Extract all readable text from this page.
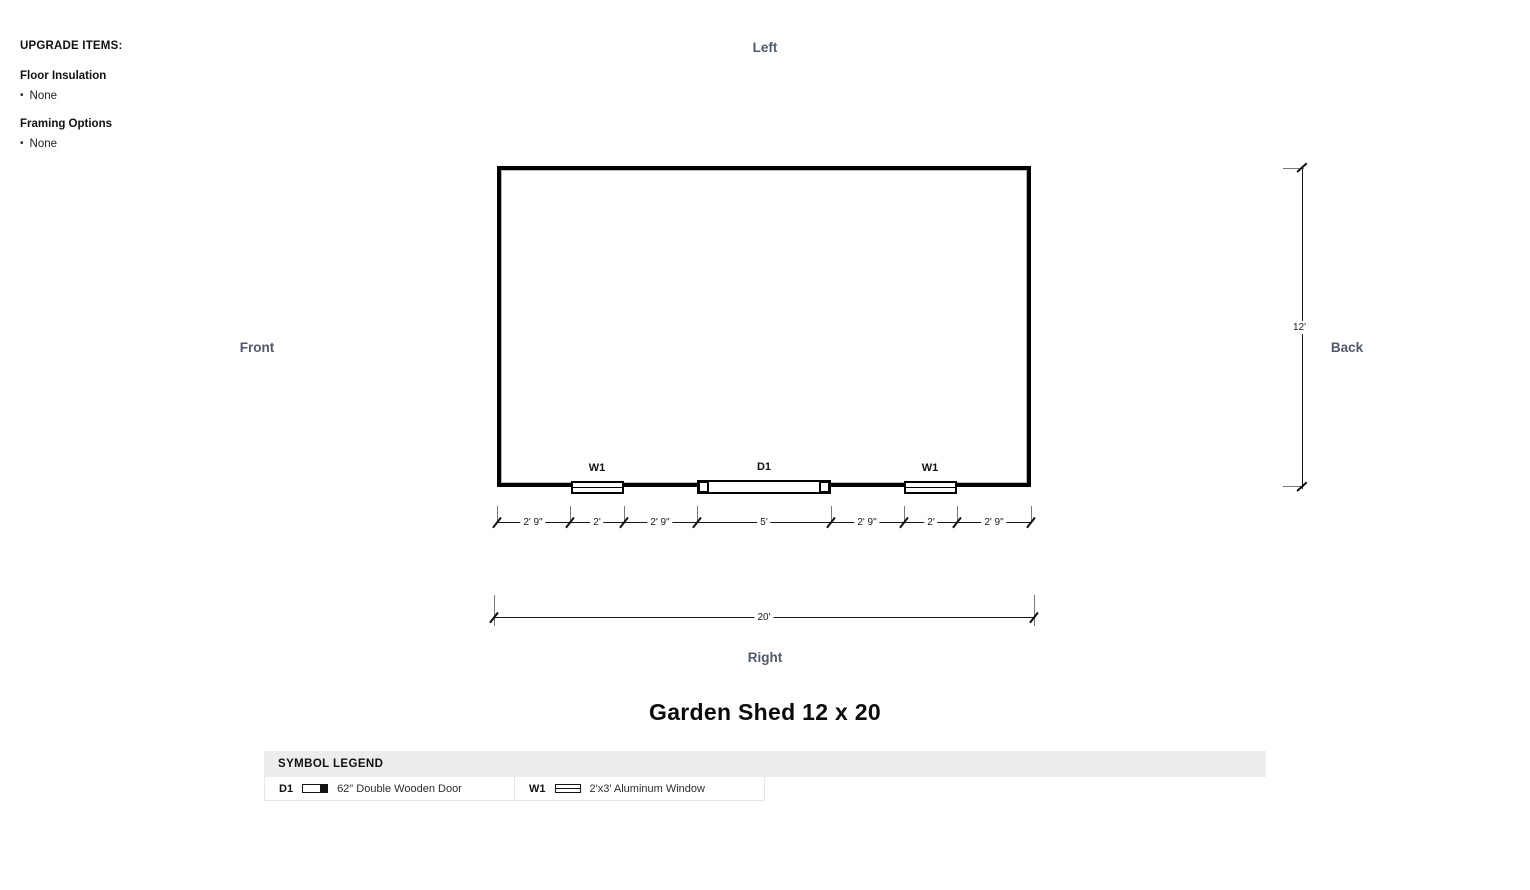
UPGRADE ITEMS:
Floor Insulation
• None
Framing Options
• None
Left
Front	Back
Right
W1	D1	W1
2' 9"	2'	2' 9"	5'	2' 9"	2'	2' 9"
12'
20'
Garden Shed 12 x 20
SYMBOL LEGEND
D1	62" Double Wooden Door	W1	2'x3' Aluminum Window
